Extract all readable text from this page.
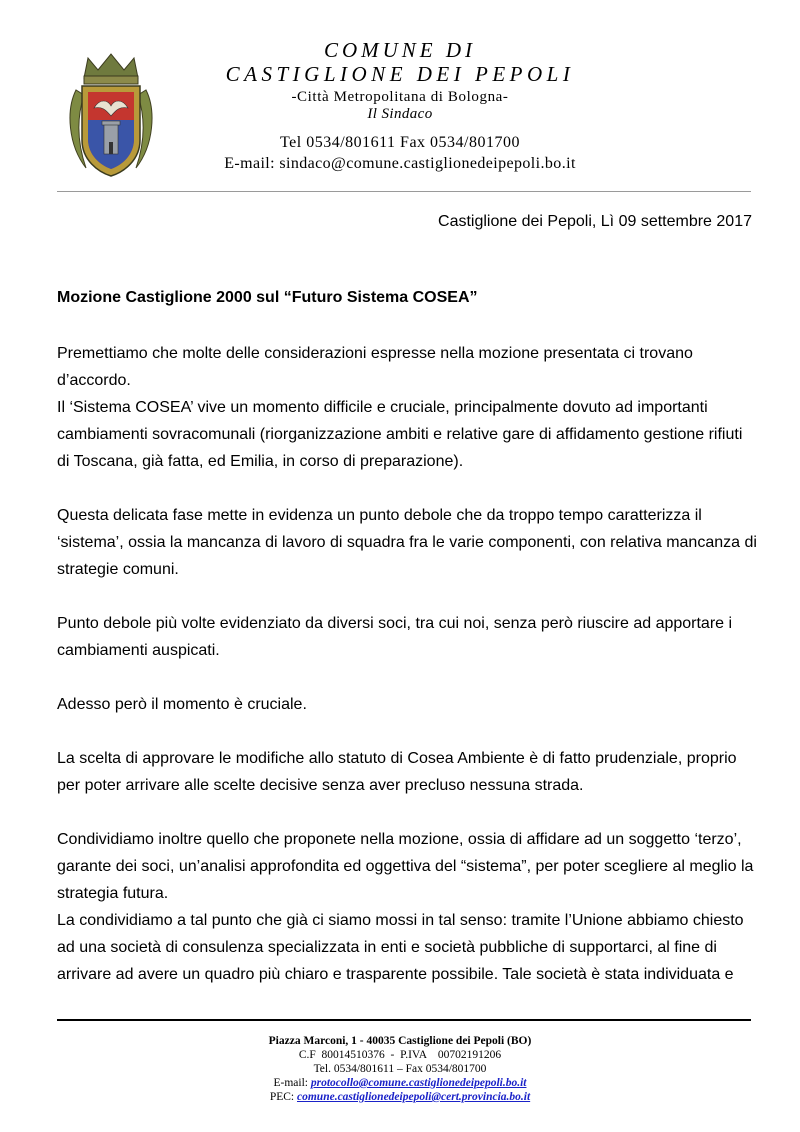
COMUNE DI
CASTIGLIONE DEI PEPOLI
-Città Metropolitana di Bologna-
Il Sindaco
Tel 0534/801611 Fax 0534/801700
E-mail: sindaco@comune.castiglionedeipepoli.bo.it
Castiglione dei Pepoli, Lì 09 settembre 2017
Mozione Castiglione 2000 sul “Futuro Sistema COSEA”

Premettiamo che molte delle considerazioni espresse nella mozione presentata ci trovano d’accordo.

Il ‘Sistema COSEA’ vive un momento difficile e cruciale, principalmente dovuto ad importanti cambiamenti sovracomunali (riorganizzazione ambiti e relative gare di affidamento gestione rifiuti di Toscana, già fatta, ed Emilia, in corso di preparazione).

Questa delicata fase mette in evidenza un punto debole che da troppo tempo caratterizza il ‘sistema’, ossia la mancanza di lavoro di squadra fra le varie componenti, con relativa mancanza di strategie comuni.

Punto debole più volte evidenziato da diversi soci, tra cui noi, senza però riuscire ad apportare i cambiamenti auspicati.

Adesso però il momento è cruciale.

La scelta di approvare le modifiche allo statuto di Cosea Ambiente è di fatto prudenziale, proprio per poter arrivare alle scelte decisive senza aver precluso nessuna strada.

Condividiamo inoltre quello che proponete nella mozione, ossia di affidare ad un soggetto ‘terzo’, garante dei soci, un’analisi approfondita ed oggettiva del “sistema”, per poter scegliere al meglio la strategia futura.

La condividiamo a tal punto che già ci siamo mossi in tal senso: tramite l’Unione abbiamo chiesto ad una società di consulenza specializzata in enti e società pubbliche di supportarci, al fine di arrivare ad avere un quadro più chiaro e trasparente possibile. Tale società è stata individuata e

Piazza Marconi, 1 - 40035 Castiglione dei Pepoli (BO)
C.F  80014510376  -  P.IVA    00702191206
Tel. 0534/801611 – Fax 0534/801700
E-mail: protocollo@comune.castiglionedeipepoli.bo.it
PEC: comune.castiglionedeipepoli@cert.provincia.bo.it
